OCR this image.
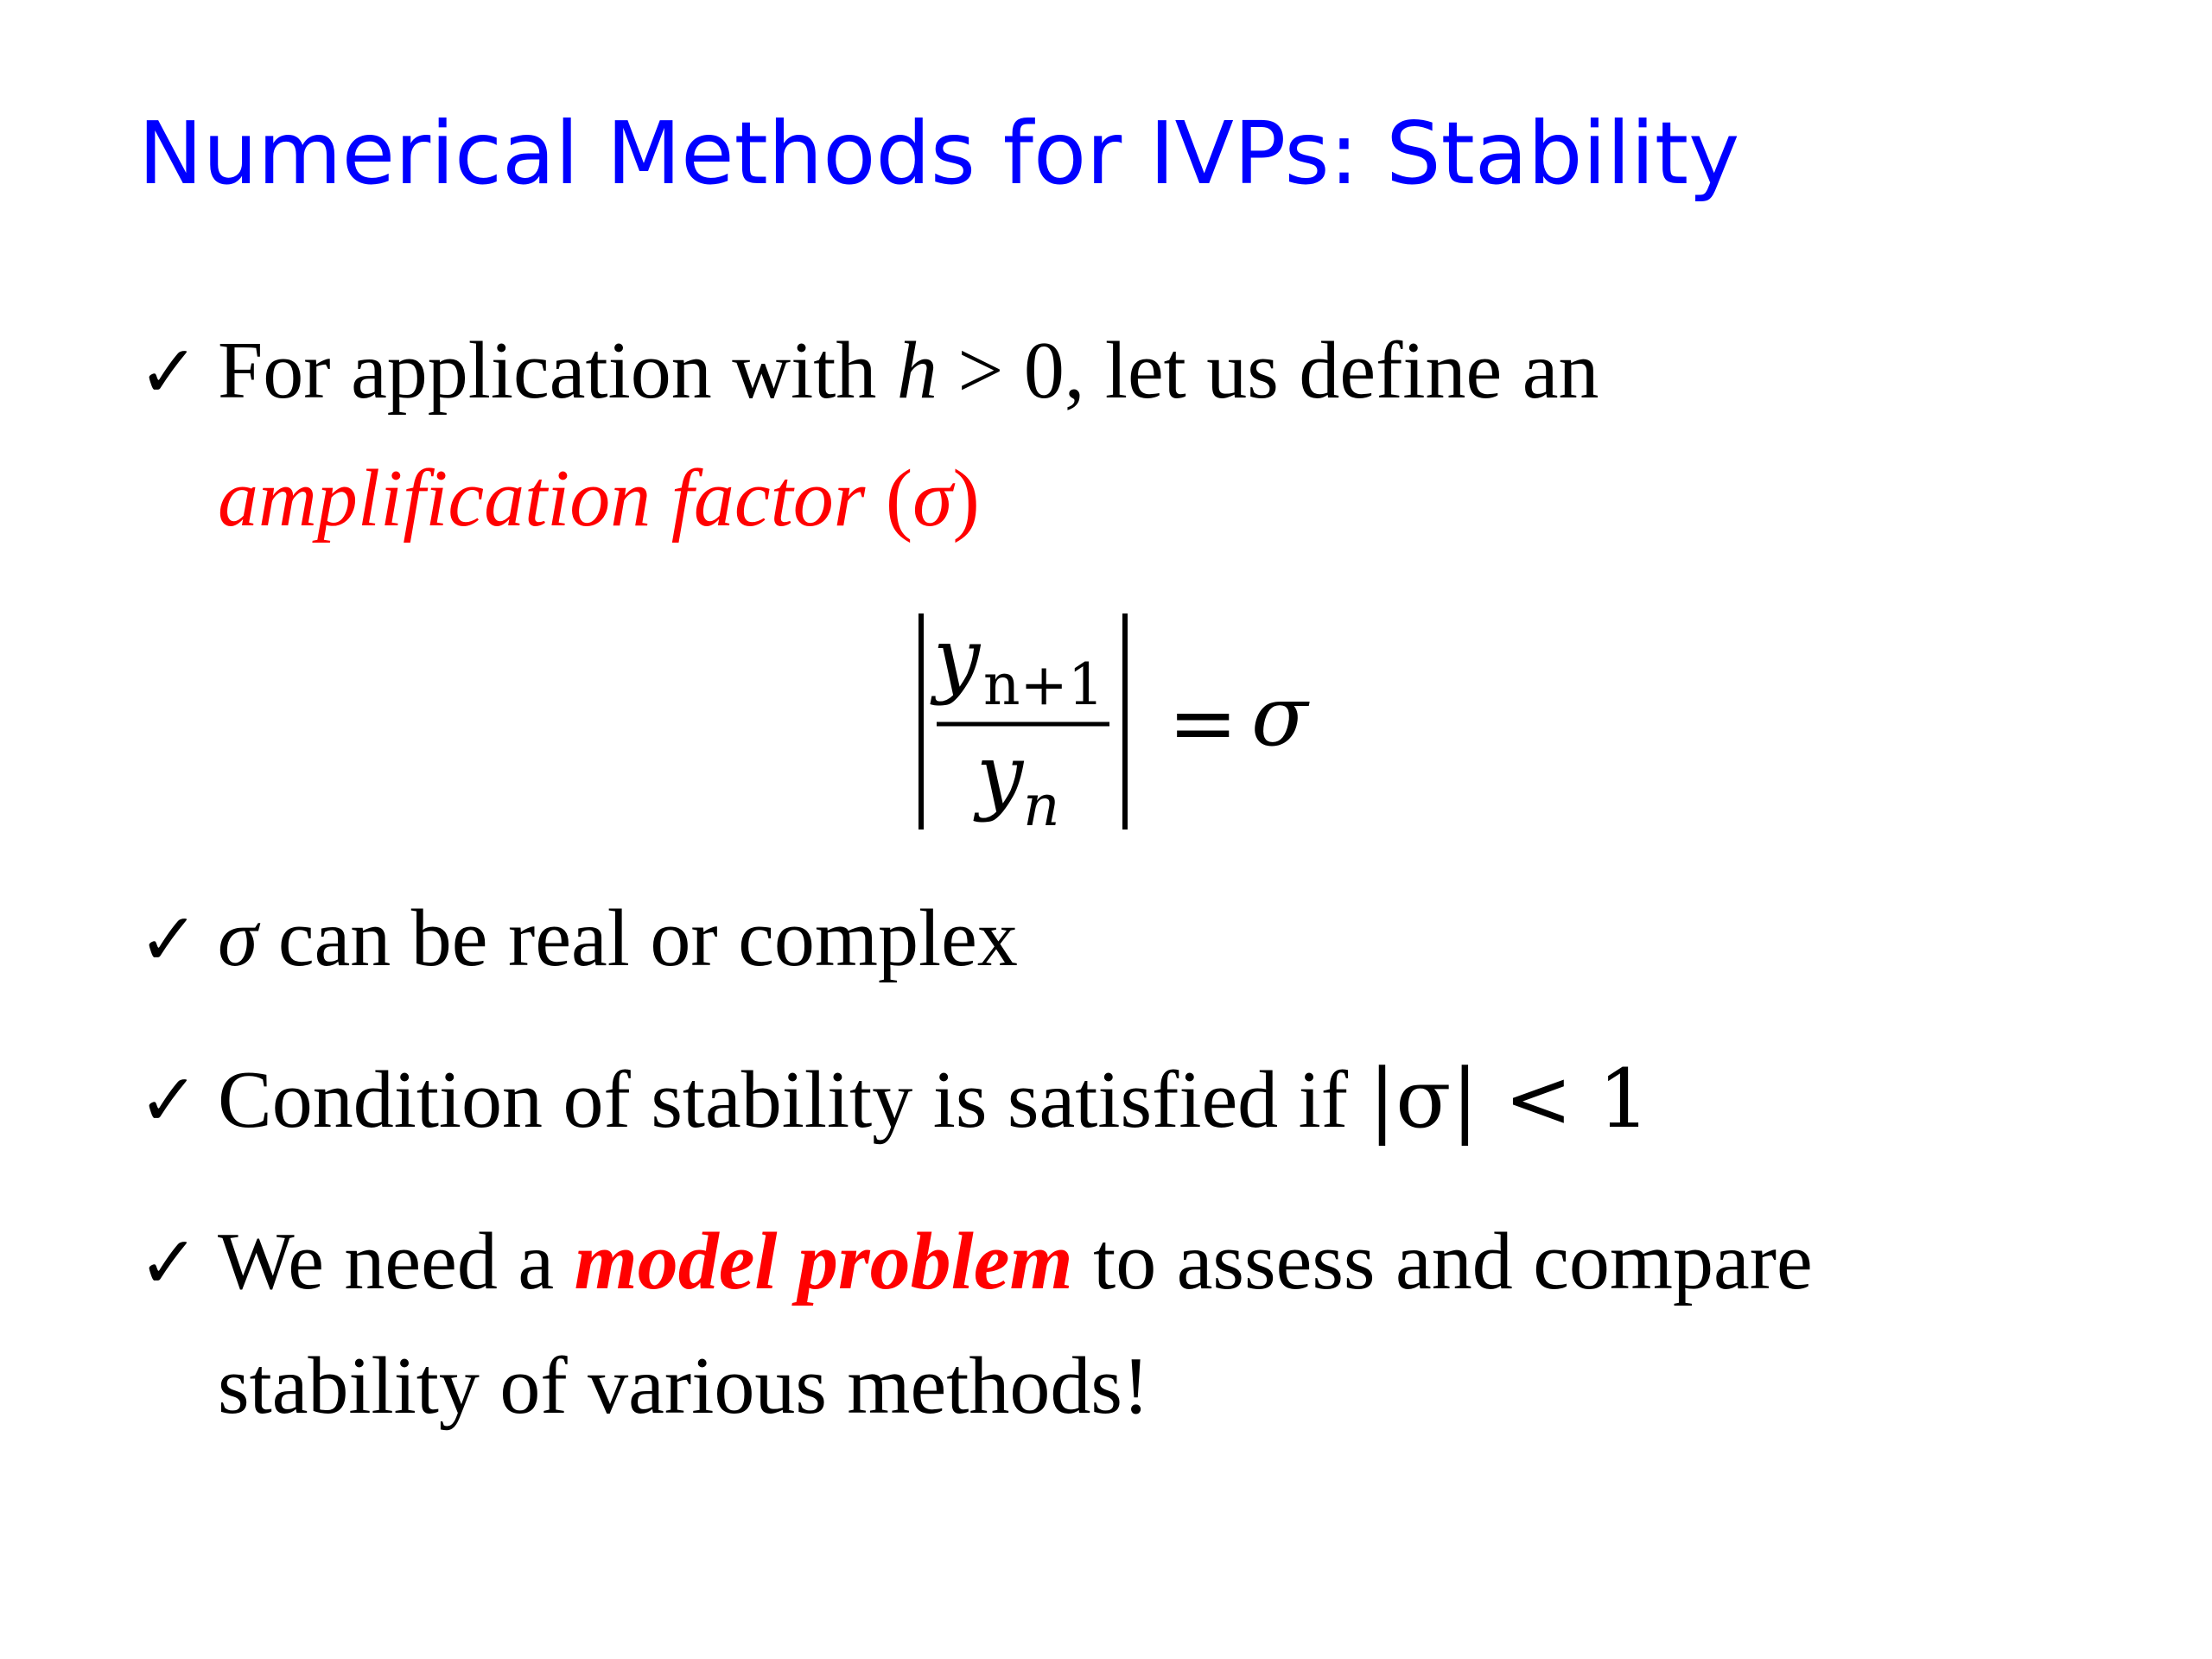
Numerical Methods for IVPs: Stability
✓ For application with h > 0, let us define an
amplification factor (σ)
y n+1
y n
= σ
✓ σ can be real or complex
✓ Condition of stability is satisfied if |σ| < 1
✓ We need a model problem to assess and compare
stability of various methods!
